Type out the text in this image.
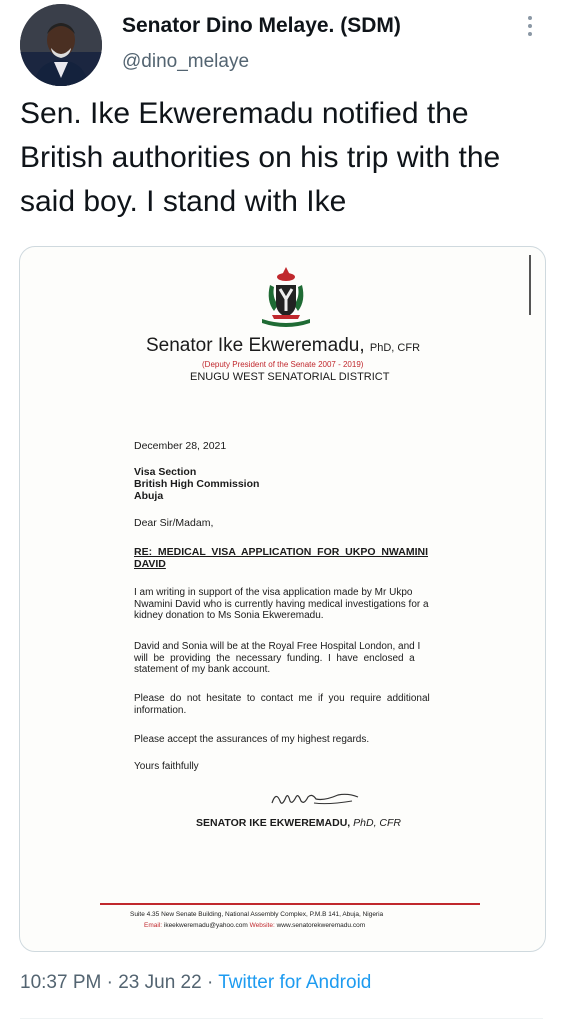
Senator Dino Melaye. (SDM)
@dino_melaye
Sen. Ike Ekweremadu notified the British authorities on his trip with the said boy. I stand with Ike
Senator Ike Ekweremadu, PhD, CFR
(Deputy President of the Senate 2007 - 2019)
ENUGU WEST SENATORIAL DISTRICT
December 28, 2021
Visa Section
British High Commission
Abuja
Dear Sir/Madam,
RE:  MEDICAL  VISA  APPLICATION  FOR  UKPO  NWAMINI
DAVID
I am writing in support of the visa application made by Mr Ukpo
Nwamini David who is currently having medical investigations for a
kidney donation to Ms Sonia Ekweremadu.
David and Sonia will be at the Royal Free Hospital London, and I
will  be  providing  the  necessary  funding.  I  have  enclosed  a
statement of my bank account.
Please  do  not  hesitate  to  contact  me  if  you  require  additional
information.
Please accept the assurances of my highest regards.
Yours faithfully
SENATOR IKE EKWEREMADU, PhD, CFR
Suite 4.35 New Senate Building, National Assembly Complex, P.M.B 141, Abuja, Nigeria
Email: ikeekweremadu@yahoo.com Website: www.senatorekweremadu.com
10:37 PM · 23 Jun 22 · Twitter for Android
